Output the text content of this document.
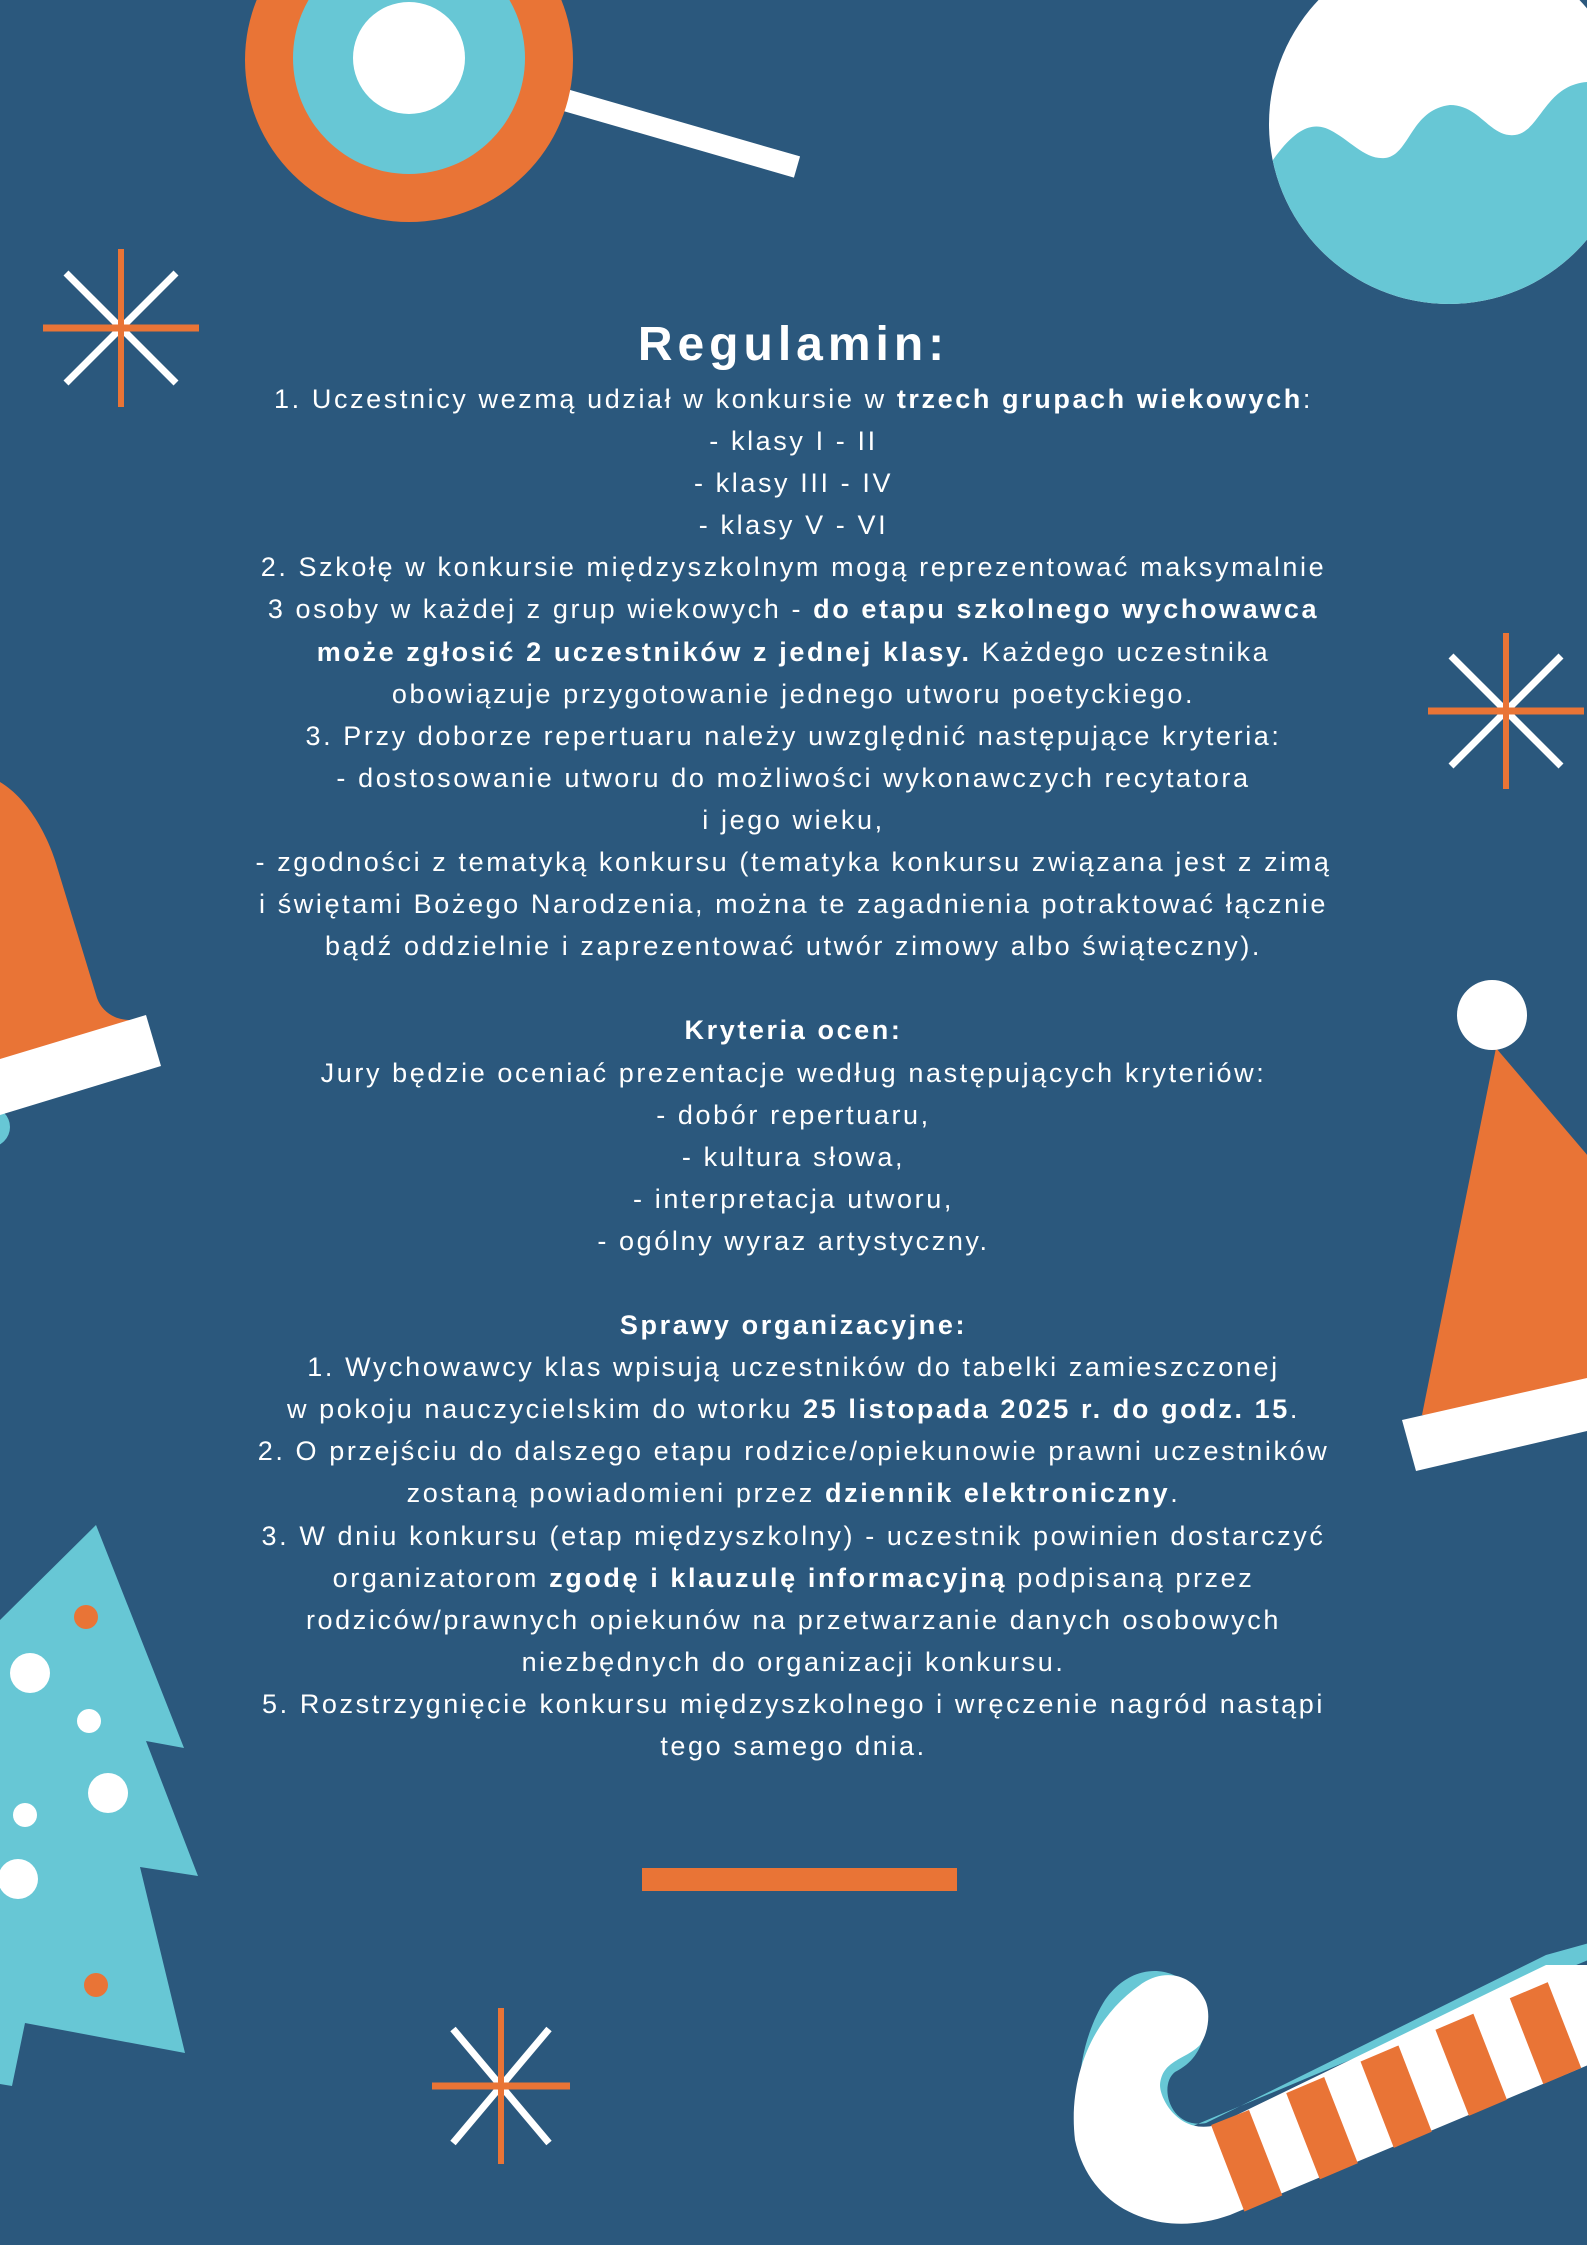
Regulamin:

1. Uczestnicy wezmą udział w konkursie w trzech grupach wiekowych:

- klasy I - II

- klasy III - IV

- klasy V - VI

2. Szkołę w konkursie międzyszkolnym mogą reprezentować maksymalnie

3 osoby w każdej z grup wiekowych - do etapu szkolnego wychowawca

może zgłosić 2 uczestników z jednej klasy. Każdego uczestnika

obowiązuje przygotowanie jednego utworu poetyckiego.

3. Przy doborze repertuaru należy uwzględnić następujące kryteria:

- dostosowanie utworu do możliwości wykonawczych recytatora

i jego wieku,

- zgodności z tematyką konkursu (tematyka konkursu związana jest z zimą

i świętami Bożego Narodzenia, można te zagadnienia potraktować łącznie

bądź oddzielnie i zaprezentować utwór zimowy albo świąteczny).

Kryteria ocen:

Jury będzie oceniać prezentacje według następujących kryteriów:

- dobór repertuaru,

- kultura słowa,

- interpretacja utworu,

- ogólny wyraz artystyczny.

Sprawy organizacyjne:

1. Wychowawcy klas wpisują uczestników do tabelki zamieszczonej

w pokoju nauczycielskim do wtorku 25 listopada 2025 r. do godz. 15.

2. O przejściu do dalszego etapu rodzice/opiekunowie prawni uczestników

zostaną powiadomieni przez dziennik elektroniczny.

3. W dniu konkursu (etap międzyszkolny) - uczestnik powinien dostarczyć

organizatorom zgodę i klauzulę informacyjną podpisaną przez

rodziców/prawnych opiekunów na przetwarzanie danych osobowych

niezbędnych do organizacji konkursu.

5. Rozstrzygnięcie konkursu międzyszkolnego i wręczenie nagród nastąpi

tego samego dnia.
